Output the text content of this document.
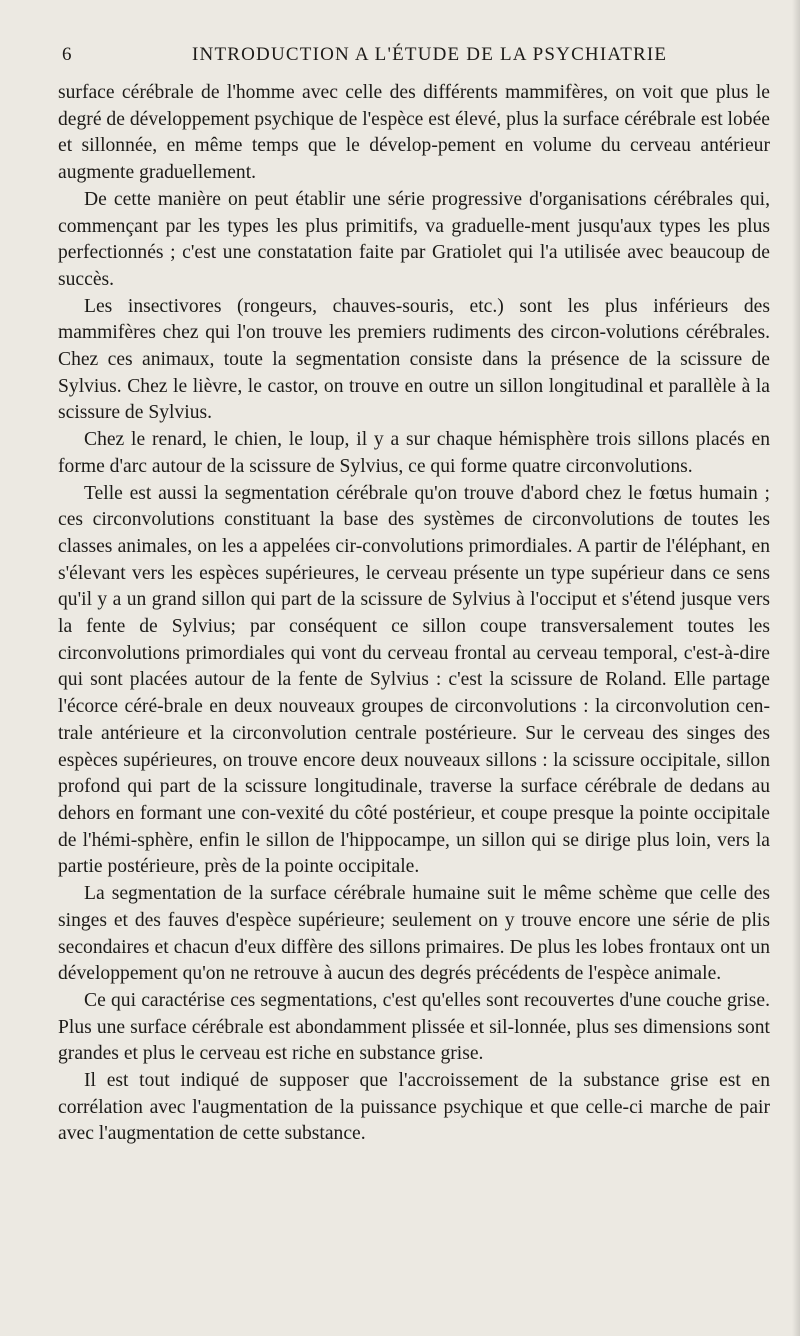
6	INTRODUCTION A L'ÉTUDE DE LA PSYCHIATRIE

surface cérébrale de l'homme avec celle des différents mammifères, on voit que plus le degré de développement psychique de l'espèce est élevé, plus la surface cérébrale est lobée et sillonnée, en même temps que le dévelop-pement en volume du cerveau antérieur augmente graduellement.

De cette manière on peut établir une série progressive d'organisations cérébrales qui, commençant par les types les plus primitifs, va graduelle-ment jusqu'aux types les plus perfectionnés ; c'est une constatation faite par Gratiolet qui l'a utilisée avec beaucoup de succès.

Les insectivores (rongeurs, chauves-souris, etc.) sont les plus inférieurs des mammifères chez qui l'on trouve les premiers rudiments des circon-volutions cérébrales. Chez ces animaux, toute la segmentation consiste dans la présence de la scissure de Sylvius. Chez le lièvre, le castor, on trouve en outre un sillon longitudinal et parallèle à la scissure de Sylvius.

Chez le renard, le chien, le loup, il y a sur chaque hémisphère trois sillons placés en forme d'arc autour de la scissure de Sylvius, ce qui forme quatre circonvolutions.

Telle est aussi la segmentation cérébrale qu'on trouve d'abord chez le fœtus humain ; ces circonvolutions constituant la base des systèmes de circonvolutions de toutes les classes animales, on les a appelées cir-convolutions primordiales. A partir de l'éléphant, en s'élevant vers les espèces supérieures, le cerveau présente un type supérieur dans ce sens qu'il y a un grand sillon qui part de la scissure de Sylvius à l'occiput et s'étend jusque vers la fente de Sylvius; par conséquent ce sillon coupe transversalement toutes les circonvolutions primordiales qui vont du cerveau frontal au cerveau temporal, c'est-à-dire qui sont placées autour de la fente de Sylvius : c'est la scissure de Roland. Elle partage l'écorce céré-brale en deux nouveaux groupes de circonvolutions : la circonvolution cen-trale antérieure et la circonvolution centrale postérieure. Sur le cerveau des singes des espèces supérieures, on trouve encore deux nouveaux sillons : la scissure occipitale, sillon profond qui part de la scissure longitudinale, traverse la surface cérébrale de dedans au dehors en formant une con-vexité du côté postérieur, et coupe presque la pointe occipitale de l'hémi-sphère, enfin le sillon de l'hippocampe, un sillon qui se dirige plus loin, vers la partie postérieure, près de la pointe occipitale.

La segmentation de la surface cérébrale humaine suit le même schème que celle des singes et des fauves d'espèce supérieure; seulement on y trouve encore une série de plis secondaires et chacun d'eux diffère des sillons primaires. De plus les lobes frontaux ont un développement qu'on ne retrouve à aucun des degrés précédents de l'espèce animale.

Ce qui caractérise ces segmentations, c'est qu'elles sont recouvertes d'une couche grise. Plus une surface cérébrale est abondamment plissée et sil-lonnée, plus ses dimensions sont grandes et plus le cerveau est riche en substance grise.

Il est tout indiqué de supposer que l'accroissement de la substance grise est en corrélation avec l'augmentation de la puissance psychique et que celle-ci marche de pair avec l'augmentation de cette substance.
